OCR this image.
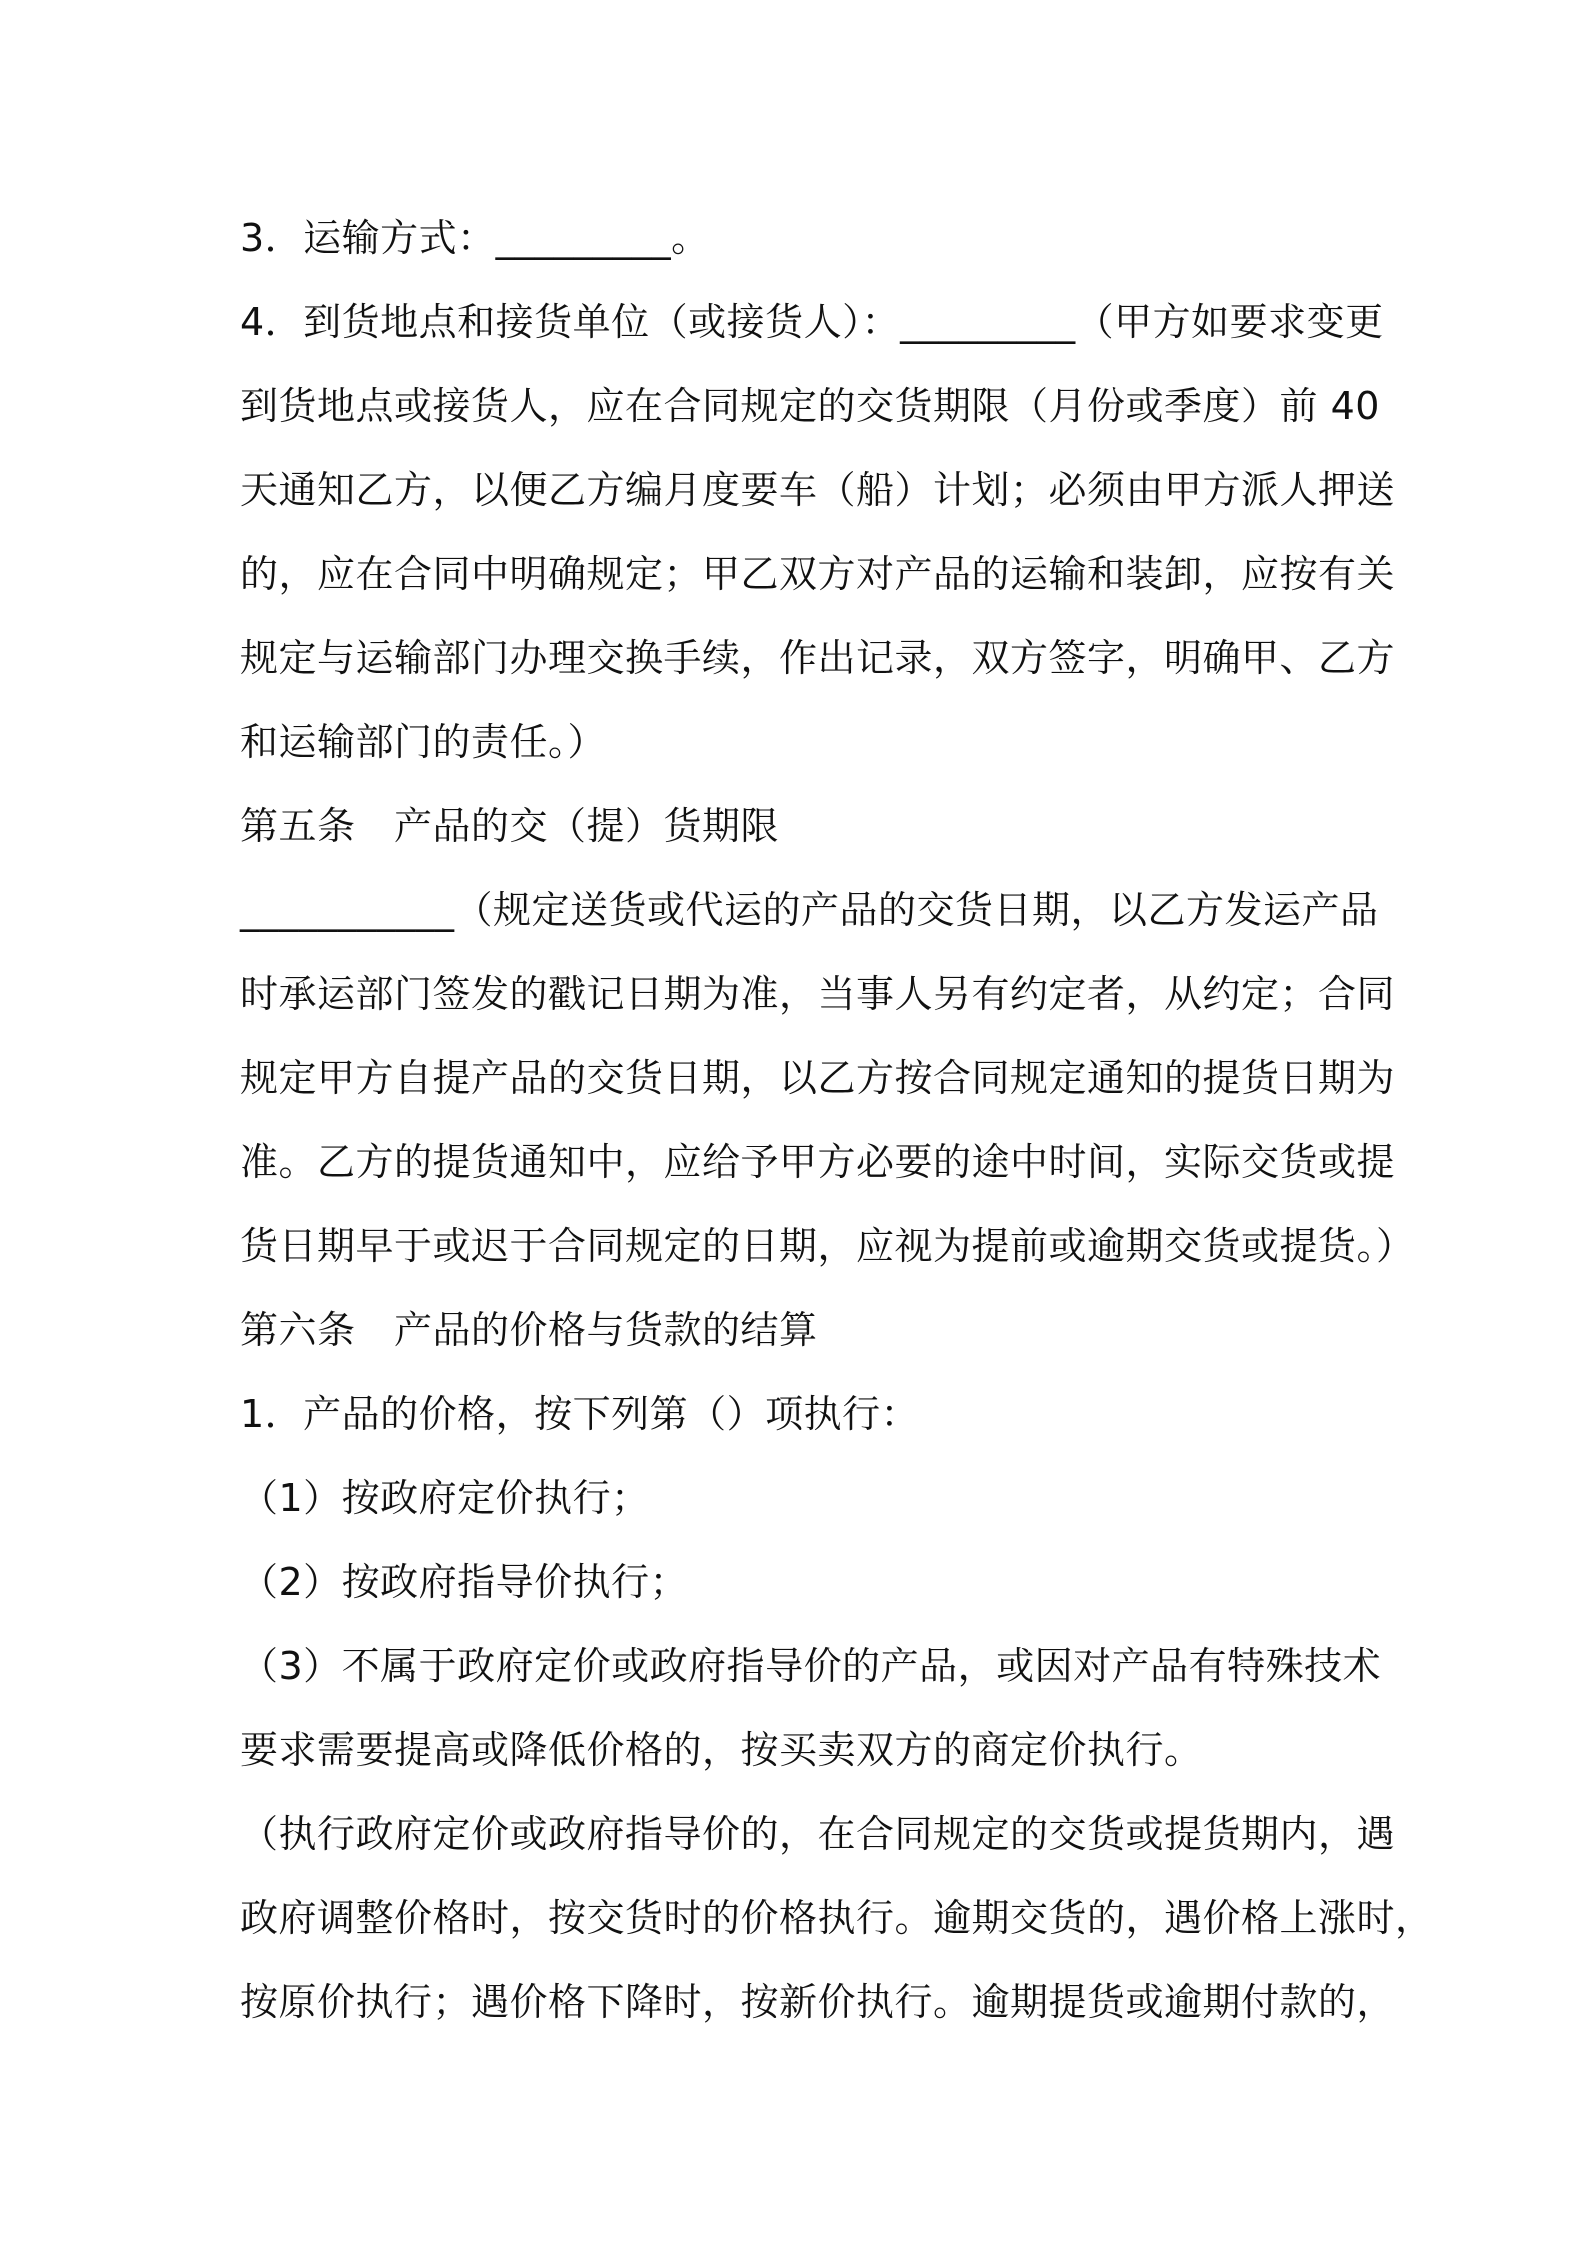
3．运输方式：_________。
4．到货地点和接货单位（或接货人）：_________（甲方如要求变更
到货地点或接货人，应在合同规定的交货期限（月份或季度）前 40
天通知乙方，以便乙方编月度要车（船）计划；必须由甲方派人押送
的，应在合同中明确规定；甲乙双方对产品的运输和装卸，应按有关
规定与运输部门办理交换手续，作出记录，双方签字，明确甲、乙方
和运输部门的责任。）
第五条　产品的交（提）货期限
___________（规定送货或代运的产品的交货日期，以乙方发运产品
时承运部门签发的戳记日期为准，当事人另有约定者，从约定；合同
规定甲方自提产品的交货日期，以乙方按合同规定通知的提货日期为
准。乙方的提货通知中，应给予甲方必要的途中时间，实际交货或提
货日期早于或迟于合同规定的日期，应视为提前或逾期交货或提货。）
第六条　产品的价格与货款的结算
1．产品的价格，按下列第（）项执行：
（1）按政府定价执行；
（2）按政府指导价执行；
（3）不属于政府定价或政府指导价的产品，或因对产品有特殊技术
要求需要提高或降低价格的，按买卖双方的商定价执行。
（执行政府定价或政府指导价的，在合同规定的交货或提货期内，遇
政府调整价格时，按交货时的价格执行。逾期交货的，遇价格上涨时，
按原价执行；遇价格下降时，按新价执行。逾期提货或逾期付款的，
